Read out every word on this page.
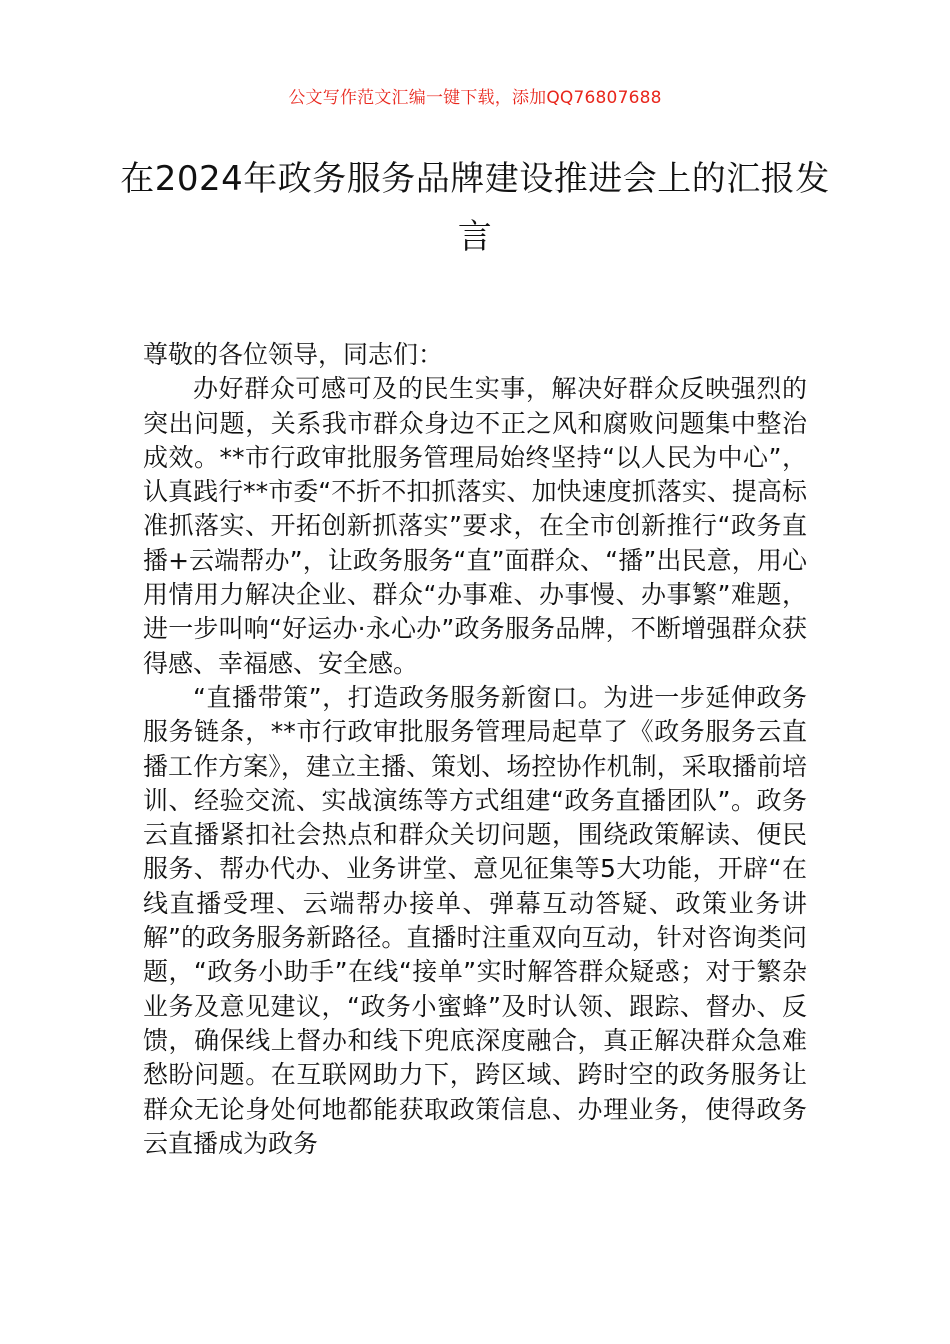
公文写作范文汇编一键下载，添加QQ76807688
在2024年政务服务品牌建设推进会上的汇报发言

尊敬的各位领导，同志们：

办好群众可感可及的民生实事，解决好群众反映强烈的突出问题，关系我市群众身边不正之风和腐败问题集中整治成效。**市行政审批服务管理局始终坚持“以人民为中心”，认真践行**市委“不折不扣抓落实、加快速度抓落实、提高标准抓落实、开拓创新抓落实”要求，在全市创新推行“政务直播+云端帮办”，让政务服务“直”面群众、“播”出民意，用心用情用力解决企业、群众“办事难、办事慢、办事繁”难题，进一步叫响“好运办·永心办”政务服务品牌，不断增强群众获得感、幸福感、安全感。

“直播带策”，打造政务服务新窗口。为进一步延伸政务服务链条，**市行政审批服务管理局起草了《政务服务云直播工作方案》，建立主播、策划、场控协作机制，采取播前培训、经验交流、实战演练等方式组建“政务直播团队”。政务云直播紧扣社会热点和群众关切问题，围绕政策解读、便民服务、帮办代办、业务讲堂、意见征集等5大功能，开辟“在线直播受理、云端帮办接单、弹幕互动答疑、政策业务讲解”的政务服务新路径。直播时注重双向互动，针对咨询类问题，“政务小助手”在线“接单”实时解答群众疑惑；对于繁杂业务及意见建议，“政务小蜜蜂”及时认领、跟踪、督办、反馈，确保线上督办和线下兜底深度融合，真正解决群众急难愁盼问题。在互联网助力下，跨区域、跨时空的政务服务让群众无论身处何地都能获取政策信息、办理业务，使得政务云直播成为政务
